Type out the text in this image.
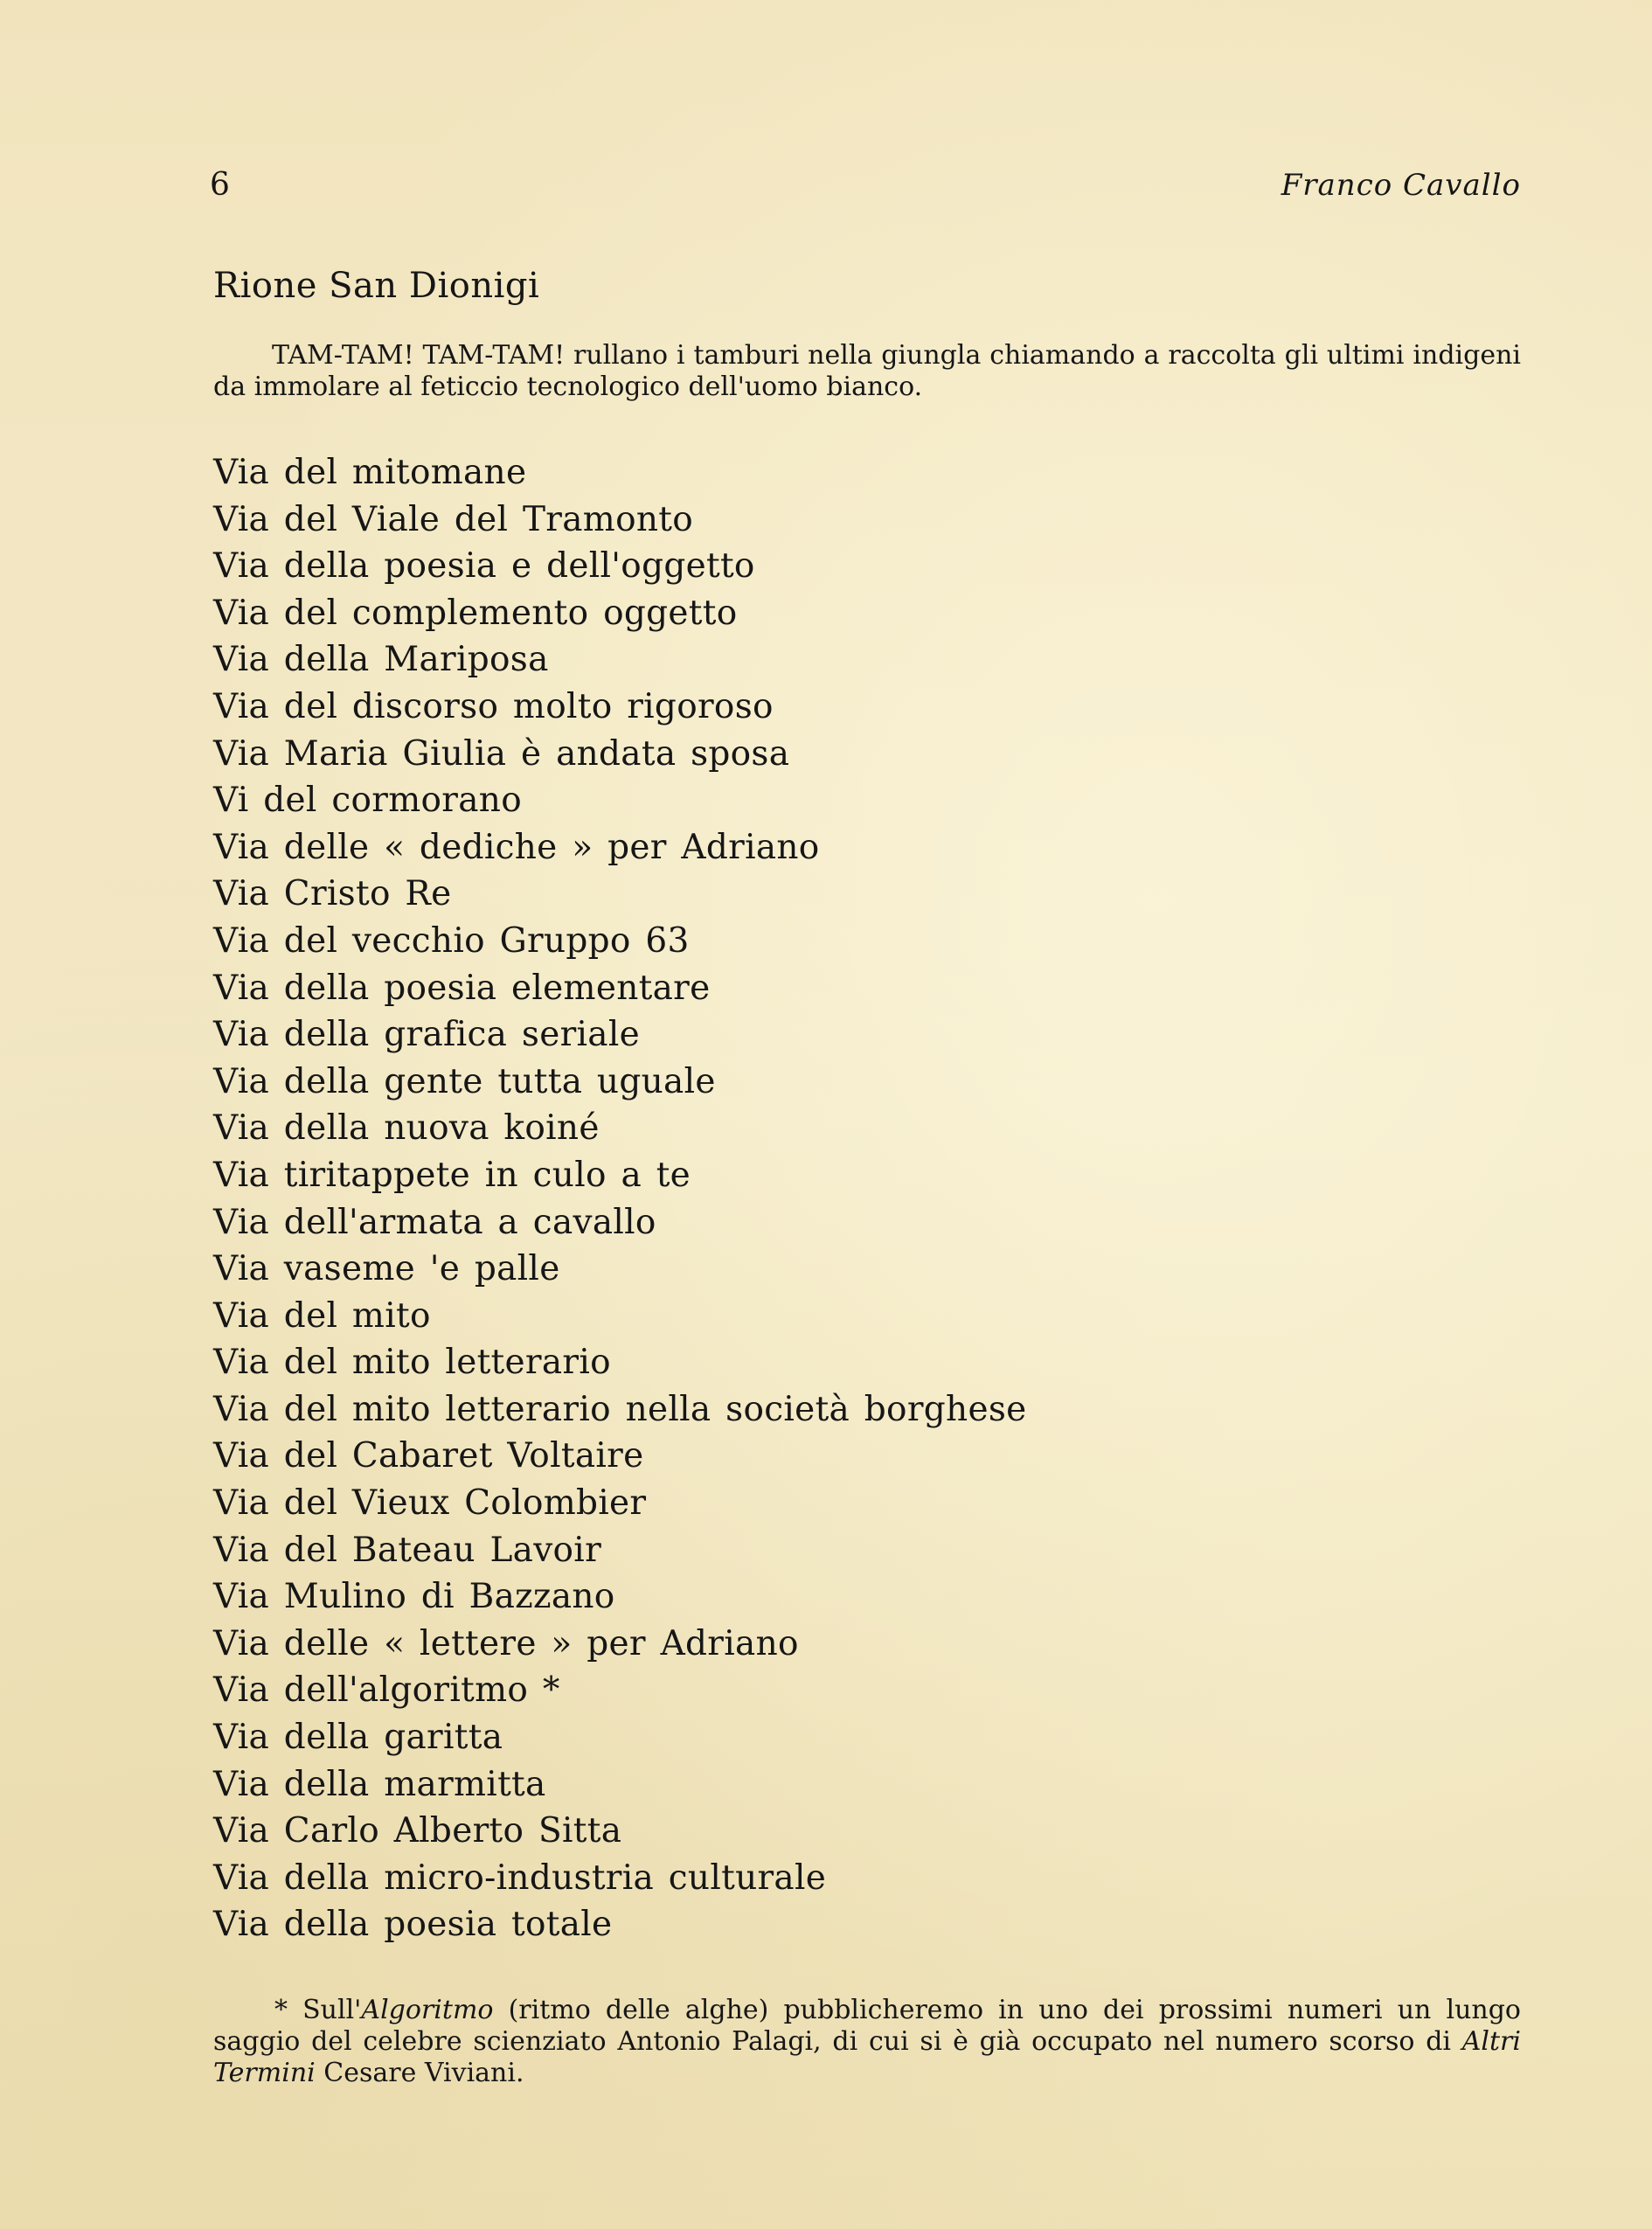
6	Franco Cavallo
Rione San Dionigi

TAM-TAM! TAM-TAM! rullano i tamburi nella giungla chiamando a raccolta gli ultimi indigeni da immolare al feticcio tecnologico dell'uomo bianco.

Via del mitomane
Via del Viale del Tramonto
Via della poesia e dell'oggetto
Via del complemento oggetto
Via della Mariposa
Via del discorso molto rigoroso
Via Maria Giulia è andata sposa
Vi del cormorano
Via delle « dediche » per Adriano
Via Cristo Re
Via del vecchio Gruppo 63
Via della poesia elementare
Via della grafica seriale
Via della gente tutta uguale
Via della nuova koiné
Via tiritappete in culo a te
Via dell'armata a cavallo
Via vaseme 'e palle
Via del mito
Via del mito letterario
Via del mito letterario nella società borghese
Via del Cabaret Voltaire
Via del Vieux Colombier
Via del Bateau Lavoir
Via Mulino di Bazzano
Via delle « lettere » per Adriano
Via dell'algoritmo *
Via della garitta
Via della marmitta
Via Carlo Alberto Sitta
Via della micro-industria culturale
Via della poesia totale

* Sull'Algoritmo (ritmo delle alghe) pubblicheremo in uno dei prossimi numeri un lungo saggio del celebre scienziato Antonio Palagi, di cui si è già occupato nel numero scorso di Altri Termini Cesare Viviani.
